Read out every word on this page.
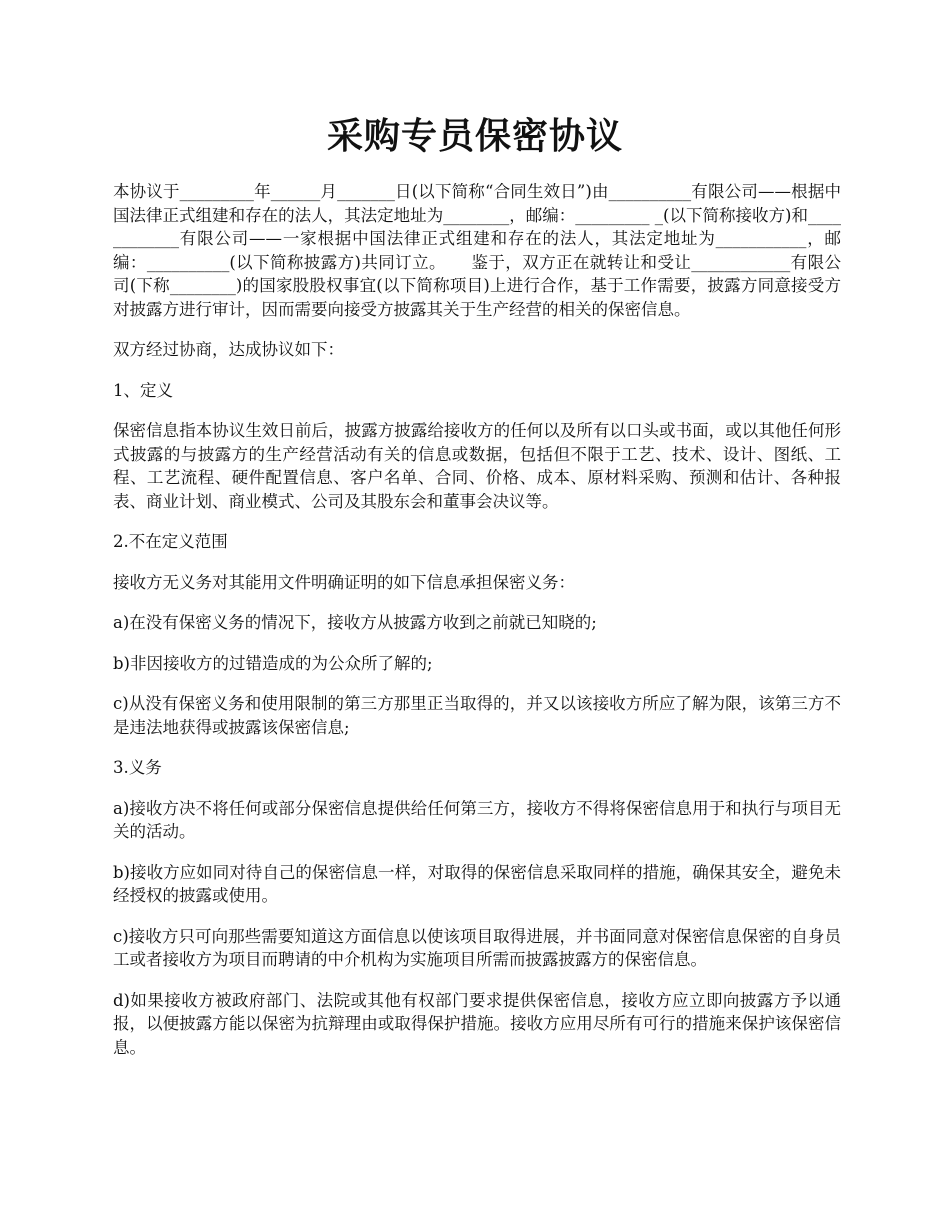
采购专员保密协议

本协议于_________年______月_______日(以下简称“合同生效日”)由__________有限公司——根据中国法律正式组建和存在的法人，其法定地址为________，邮编：_________ _(以下简称接收方)和____________有限公司——一家根据中国法律正式组建和存在的法人，其法定地址为___________，邮编：__________(以下简称披露方)共同订立。　　鉴于，双方正在就转让和受让____________有限公司(下称________)的国家股股权事宜(以下简称项目)上进行合作，基于工作需要，披露方同意接受方对披露方进行审计，因而需要向接受方披露其关于生产经营的相关的保密信息。

双方经过协商，达成协议如下：

1、定义

保密信息指本协议生效日前后，披露方披露给接收方的任何以及所有以口头或书面，或以其他任何形式披露的与披露方的生产经营活动有关的信息或数据，包括但不限于工艺、技术、设计、图纸、工程、工艺流程、硬件配置信息、客户名单、合同、价格、成本、原材料采购、预测和估计、各种报表、商业计划、商业模式、公司及其股东会和董事会决议等。

2.不在定义范围

接收方无义务对其能用文件明确证明的如下信息承担保密义务：

a)在没有保密义务的情况下，接收方从披露方收到之前就已知晓的;

b)非因接收方的过错造成的为公众所了解的;

c)从没有保密义务和使用限制的第三方那里正当取得的，并又以该接收方所应了解为限，该第三方不是违法地获得或披露该保密信息;

3.义务

a)接收方决不将任何或部分保密信息提供给任何第三方，接收方不得将保密信息用于和执行与项目无关的活动。

b)接收方应如同对待自己的保密信息一样，对取得的保密信息采取同样的措施，确保其安全，避免未经授权的披露或使用。

c)接收方只可向那些需要知道这方面信息以使该项目取得进展，并书面同意对保密信息保密的自身员工或者接收方为项目而聘请的中介机构为实施项目所需而披露披露方的保密信息。

d)如果接收方被政府部门、法院或其他有权部门要求提供保密信息，接收方应立即向披露方予以通报，以便披露方能以保密为抗辩理由或取得保护措施。接收方应用尽所有可行的措施来保护该保密信息。
